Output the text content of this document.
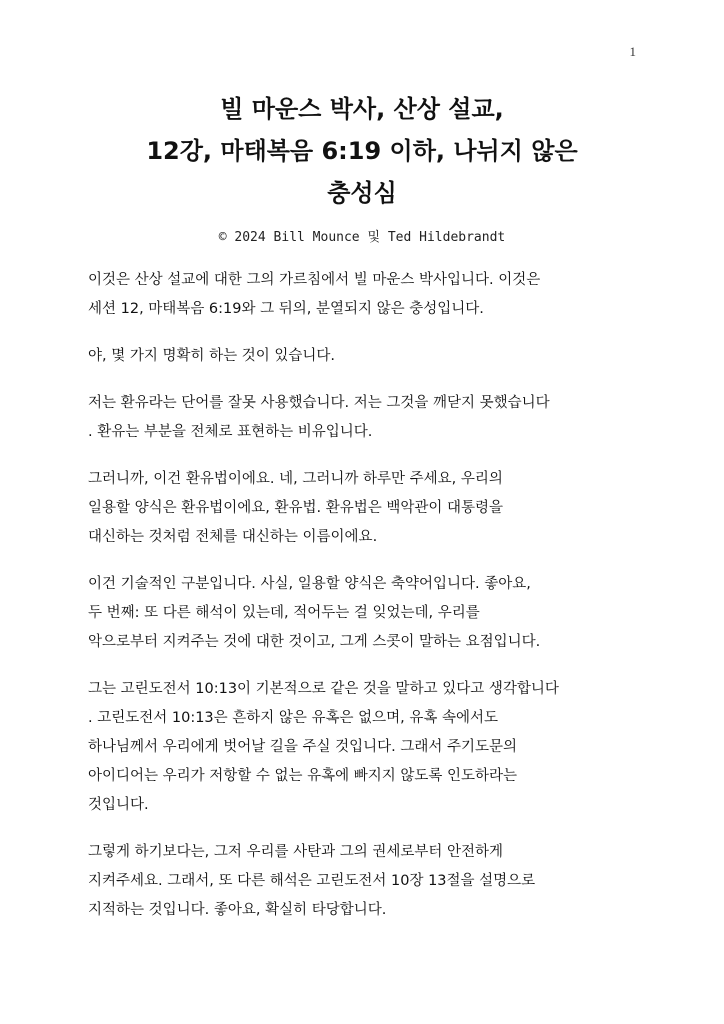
1
빌 마운스 박사, 산상 설교,
12강, 마태복음 6:19 이하, 나뉘지 않은
충성심
© 2024 Bill Mounce 및 Ted Hildebrandt
이것은 산상 설교에 대한 그의 가르침에서 빌 마운스 박사입니다. 이것은
세션 12, 마태복음 6:19와 그 뒤의, 분열되지 않은 충성입니다.
야, 몇 가지 명확히 하는 것이 있습니다.
저는 환유라는 단어를 잘못 사용했습니다. 저는 그것을 깨닫지 못했습니다
. 환유는 부분을 전체로 표현하는 비유입니다.
그러니까, 이건 환유법이에요. 네, 그러니까 하루만 주세요, 우리의
일용할 양식은 환유법이에요, 환유법. 환유법은 백악관이 대통령을
대신하는 것처럼 전체를 대신하는 이름이에요.
이건 기술적인 구분입니다. 사실, 일용할 양식은 축약어입니다. 좋아요,
두 번째: 또 다른 해석이 있는데, 적어두는 걸 잊었는데, 우리를
악으로부터 지켜주는 것에 대한 것이고, 그게 스콧이 말하는 요점입니다.
그는 고린도전서 10:13이 기본적으로 같은 것을 말하고 있다고 생각합니다
. 고린도전서 10:13은 흔하지 않은 유혹은 없으며, 유혹 속에서도
하나님께서 우리에게 벗어날 길을 주실 것입니다. 그래서 주기도문의
아이디어는 우리가 저항할 수 없는 유혹에 빠지지 않도록 인도하라는
것입니다.
그렇게 하기보다는, 그저 우리를 사탄과 그의 권세로부터 안전하게
지켜주세요. 그래서, 또 다른 해석은 고린도전서 10장 13절을 설명으로
지적하는 것입니다. 좋아요, 확실히 타당합니다.
